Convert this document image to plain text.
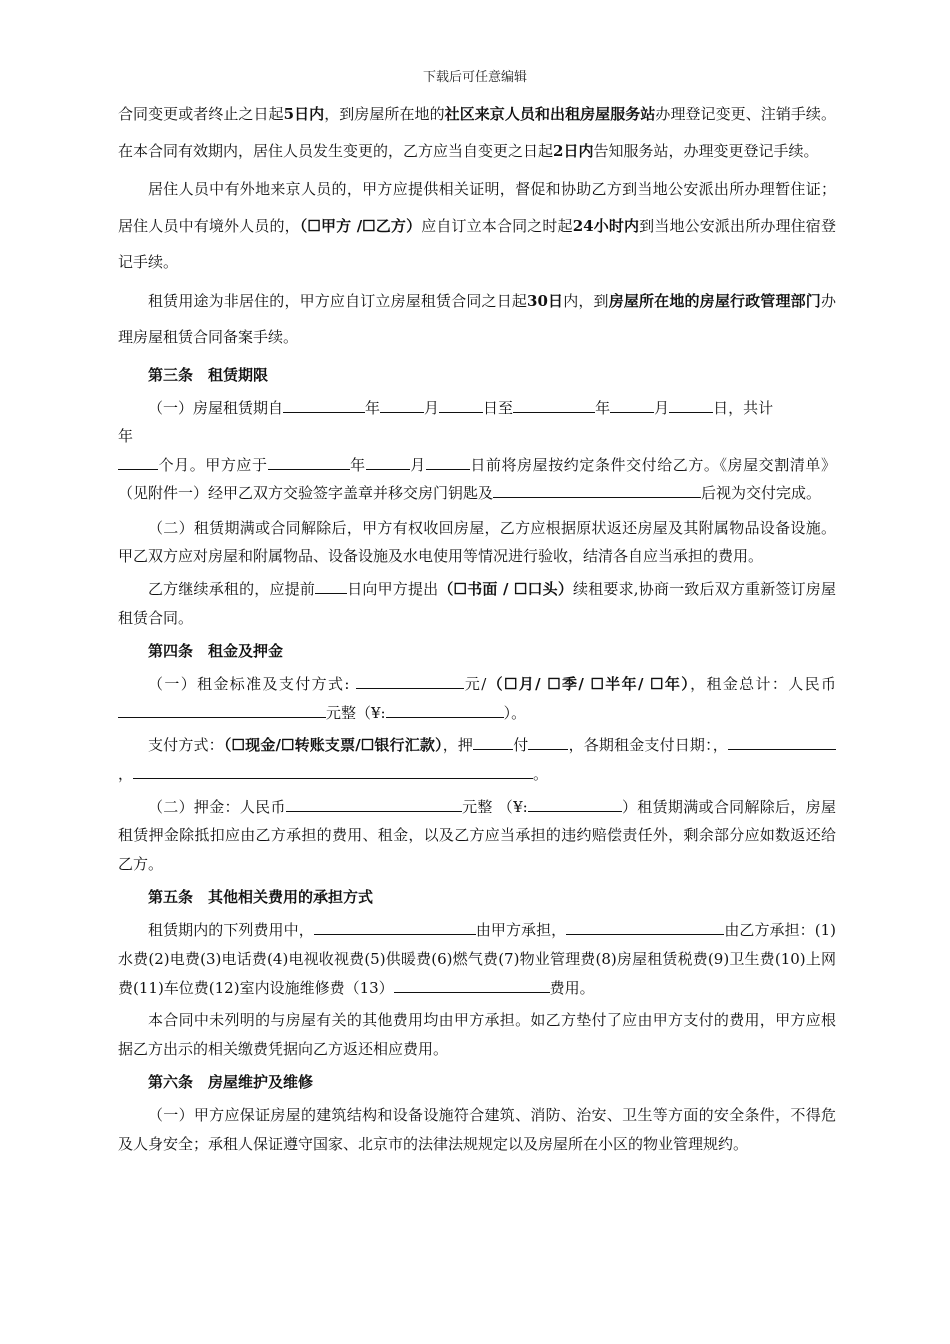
下载后可任意编辑

合同变更或者终止之日起5日内，到房屋所在地的社区来京人员和出租房屋服务站办理登记变更、注销手续。在本合同有效期内，居住人员发生变更的，乙方应当自变更之日起2日内告知服务站，办理变更登记手续。

居住人员中有外地来京人员的，甲方应提供相关证明，督促和协助乙方到当地公安派出所办理暂住证；居住人员中有境外人员的，（☐甲方 /☐乙方）应自订立本合同之时起24小时内到当地公安派出所办理住宿登记手续。

租赁用途为非居住的，甲方应自订立房屋租赁合同之日起30日内，到房屋所在地的房屋行政管理部门办理房屋租赁合同备案手续。

第三条　租赁期限

（一）房屋租赁期自	年	月	日至	年	月	日，共计

年

个月。甲方应于	年	月	日前将房屋按约定条件交付给乙方。《房屋交割清单》（见附件一）经甲乙双方交验签字盖章并移交房门钥匙及	后视为交付完成。

（二）租赁期满或合同解除后，甲方有权收回房屋，乙方应根据原状返还房屋及其附属物品设备设施。甲乙双方应对房屋和附属物品、设备设施及水电使用等情况进行验收，结清各自应当承担的费用。

乙方继续承租的，应提前 日向甲方提出（☐书面 / ☐口头）续租要求,协商一致后双方重新签订房屋租赁合同。

第四条　租金及押金

（一）租金标准及支付方式:	元/（☐月/ ☐季/ ☐半年/ ☐年），租金总计：人民币元整（¥:	）。

支付方式：（☐现金/☐转账支票/☐银行汇款），押	付	，各期租金支付日期：，，	。

（二）押金：人民币	元整 （¥:	）租赁期满或合同解除后，房屋租赁押金除抵扣应由乙方承担的费用、租金，以及乙方应当承担的违约赔偿责任外，剩余部分应如数返还给乙方。

第五条　其他相关费用的承担方式

租赁期内的下列费用中，	由甲方承担，	由乙方承担：(1)水费(2)电费(3)电话费(4)电视收视费(5)供暖费(6)燃气费(7)物业管理费(8)房屋租赁税费(9)卫生费(10)上网费(11)车位费(12)室内设施维修费（13）	费用。

本合同中未列明的与房屋有关的其他费用均由甲方承担。如乙方垫付了应由甲方支付的费用，甲方应根据乙方出示的相关缴费凭据向乙方返还相应费用。

第六条　房屋维护及维修

（一）甲方应保证房屋的建筑结构和设备设施符合建筑、消防、治安、卫生等方面的安全条件，不得危及人身安全；承租人保证遵守国家、北京市的法律法规规定以及房屋所在小区的物业管理规约。
